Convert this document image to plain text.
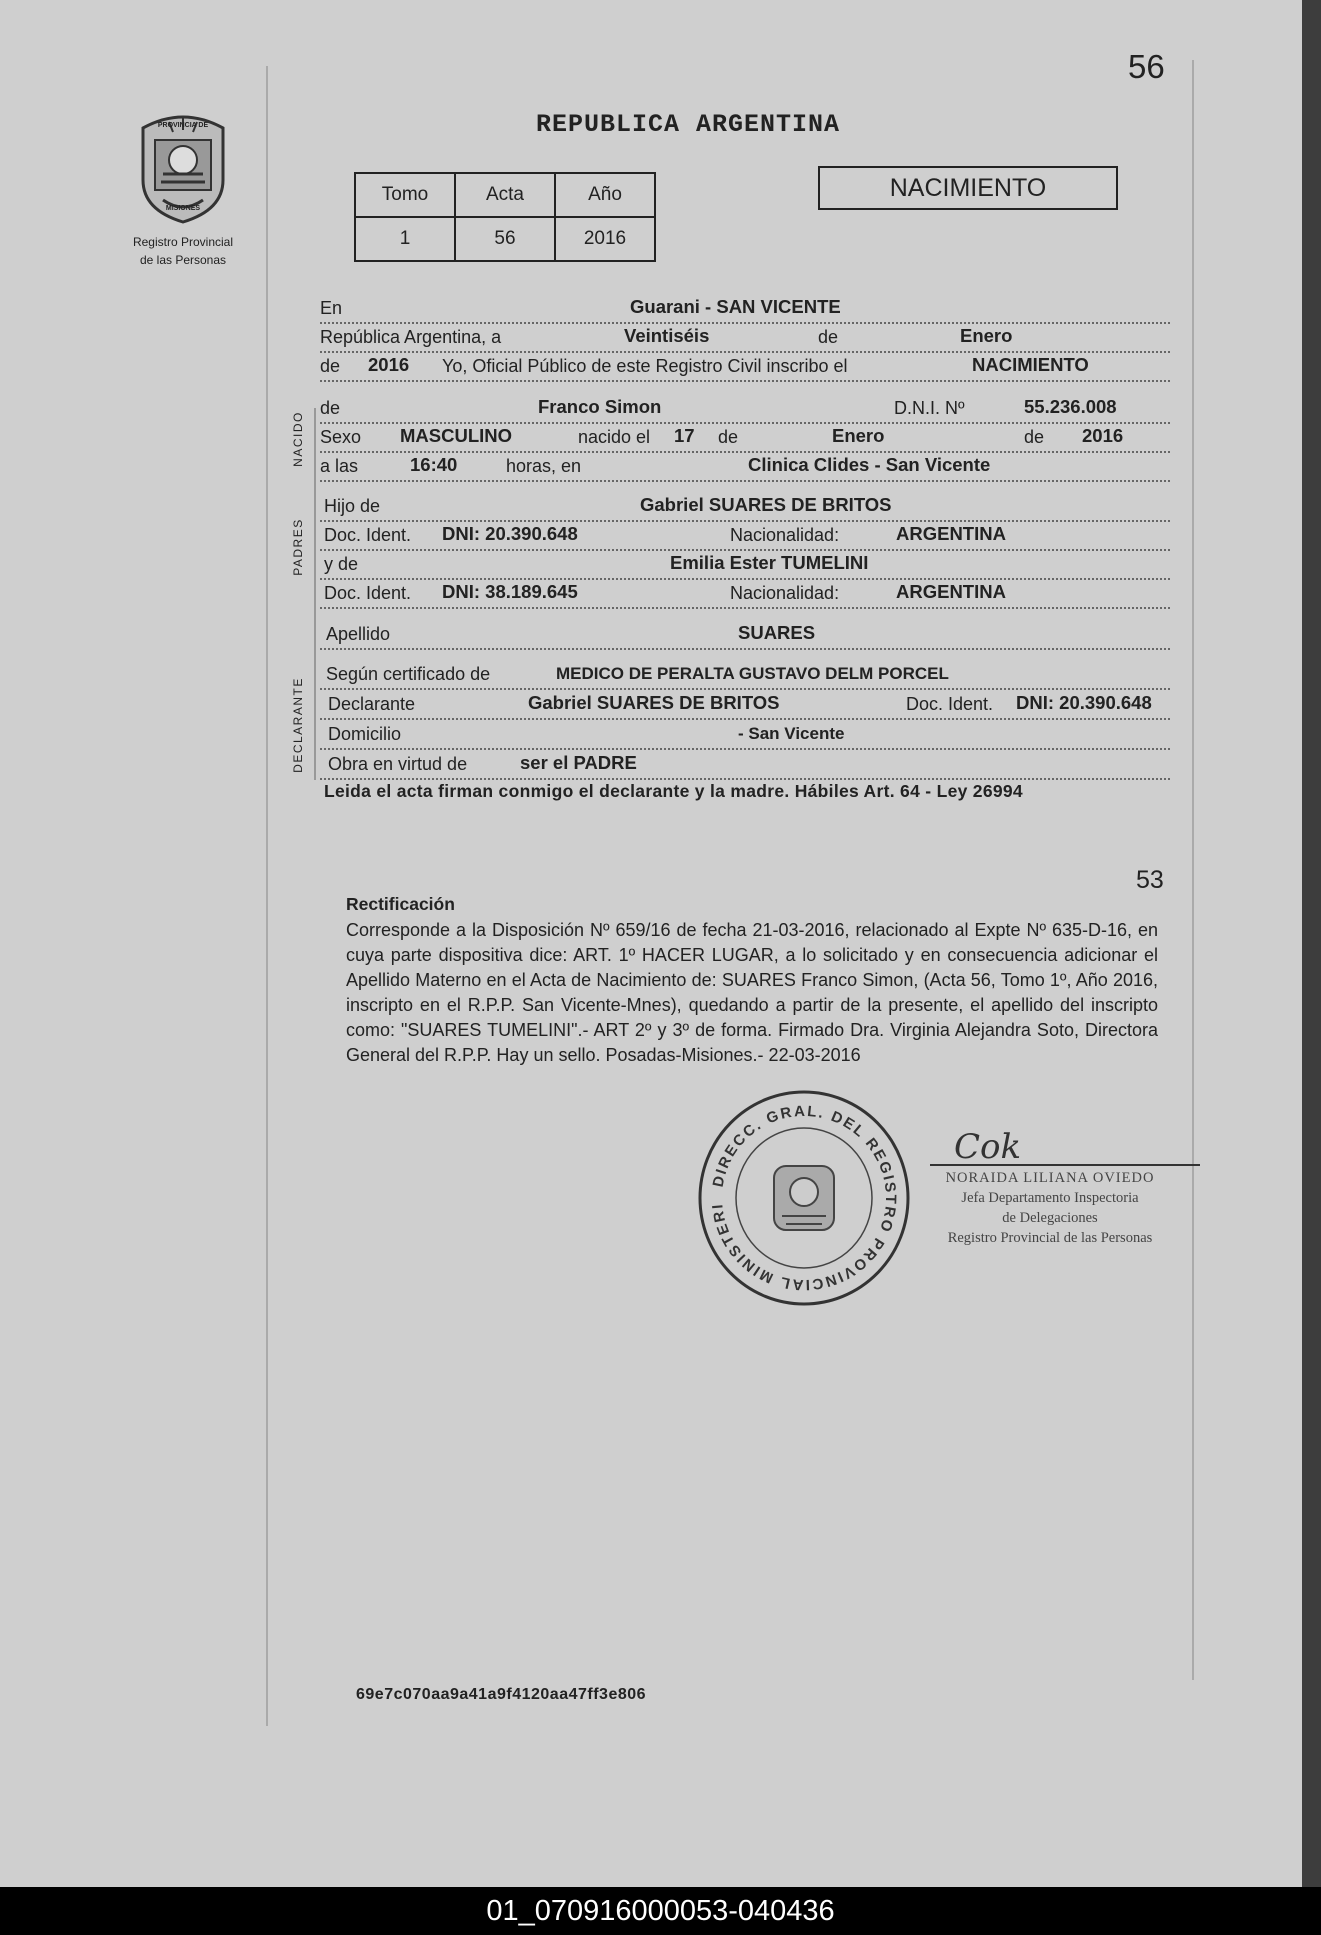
56
PROVINCIA DE
MISIONES
Registro Provincial
de las Personas
REPUBLICA ARGENTINA
Tomo	Acta	Año
1	56	2016
NACIMIENTO
En	Guarani - SAN VICENTE
República Argentina, a	Veintiséis	de	Enero
de 2016 Yo, Oficial Público de este Registro Civil inscribo el	NACIMIENTO
de	Franco Simon	D.N.I. Nº	55.236.008
Sexo MASCULINO	nacido el 17 de	Enero	de 2016
a las	16:40	horas, en	Clinica Clides - San Vicente
Hijo de	Gabriel SUARES DE BRITOS
Doc. Ident. DNI: 20.390.648	Nacionalidad:	ARGENTINA
y de	Emilia Ester TUMELINI
Doc. Ident. DNI: 38.189.645	Nacionalidad:	ARGENTINA
Apellido	SUARES
Según certificado de	MEDICO DE PERALTA GUSTAVO DELM PORCEL
Declarante	Gabriel SUARES DE BRITOS	Doc. Ident. DNI: 20.390.648
Domicilio	- San Vicente
Obra en virtud de	ser el PADRE
NACIDO
PADRES
DECLARANTE
Leida el acta firman conmigo el declarante y la madre. Hábiles Art. 64 - Ley 26994
53
Rectificación
Corresponde a la Disposición Nº 659/16 de fecha 21-03-2016, relacionado al Expte Nº 635-D-16, en cuya parte dispositiva dice: ART. 1º HACER LUGAR, a lo solicitado y en consecuencia adicionar el Apellido Materno en el Acta de Nacimiento de: SUARES Franco Simon, (Acta 56, Tomo 1º, Año 2016, inscripto en el R.P.P. San Vicente-Mnes), quedando a partir de la presente, el apellido del inscripto como: "SUARES TUMELINI".- ART 2º y 3º de forma. Firmado Dra. Virginia Alejandra Soto, Directora General del R.P.P. Hay un sello. Posadas-Misiones.- 22-03-2016
DIRECC. GRAL. DEL REGISTRO PROVINCIAL MINISTERI
Cok
NORAIDA LILIANA OVIEDO
Jefa Departamento Inspectoria
de Delegaciones
Registro Provincial de las Personas
69e7c070aa9a41a9f4120aa47ff3e806
01_070916000053-040436
